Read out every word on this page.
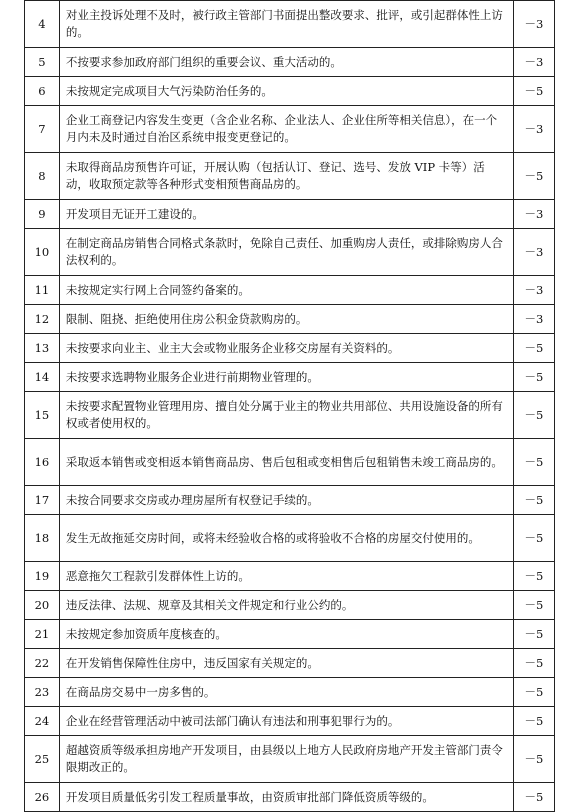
4	对业主投诉处理不及时，被行政主管部门书面提出整改要求、批评，或引起群体性上访的。	－3
5	不按要求参加政府部门组织的重要会议、重大活动的。	－3
6	未按规定完成项目大气污染防治任务的。	－5
7	企业工商登记内容发生变更（含企业名称、企业法人、企业住所等相关信息），在一个月内未及时通过自治区系统申报变更登记的。	－3
8	未取得商品房预售许可证，开展认购（包括认订、登记、选号、发放 VIP 卡等）活动，收取预定款等各种形式变相预售商品房的。	－5
9	开发项目无证开工建设的。	－3
10	在制定商品房销售合同格式条款时，免除自己责任、加重购房人责任，或排除购房人合法权利的。	－3
11	未按规定实行网上合同签约备案的。	－3
12	限制、阻挠、拒绝使用住房公积金贷款购房的。	－3
13	未按要求向业主、业主大会或物业服务企业移交房屋有关资料的。	－5
14	未按要求选聘物业服务企业进行前期物业管理的。	－5
15	未按要求配置物业管理用房、擅自处分属于业主的物业共用部位、共用设施设备的所有权或者使用权的。	－5
16	采取返本销售或变相返本销售商品房、售后包租或变相售后包租销售未竣工商品房的。	－5
17	未按合同要求交房或办理房屋所有权登记手续的。	－5
18	发生无故拖延交房时间，或将未经验收合格的或将验收不合格的房屋交付使用的。	－5
19	恶意拖欠工程款引发群体性上访的。	－5
20	违反法律、法规、规章及其相关文件规定和行业公约的。	－5
21	未按规定参加资质年度核查的。	－5
22	在开发销售保障性住房中，违反国家有关规定的。	－5
23	在商品房交易中一房多售的。	－5
24	企业在经营管理活动中被司法部门确认有违法和刑事犯罪行为的。	－5
25	超越资质等级承担房地产开发项目，由县级以上地方人民政府房地产开发主管部门责令限期改正的。	－5
26	开发项目质量低劣引发工程质量事故，由资质审批部门降低资质等级的。	－5
